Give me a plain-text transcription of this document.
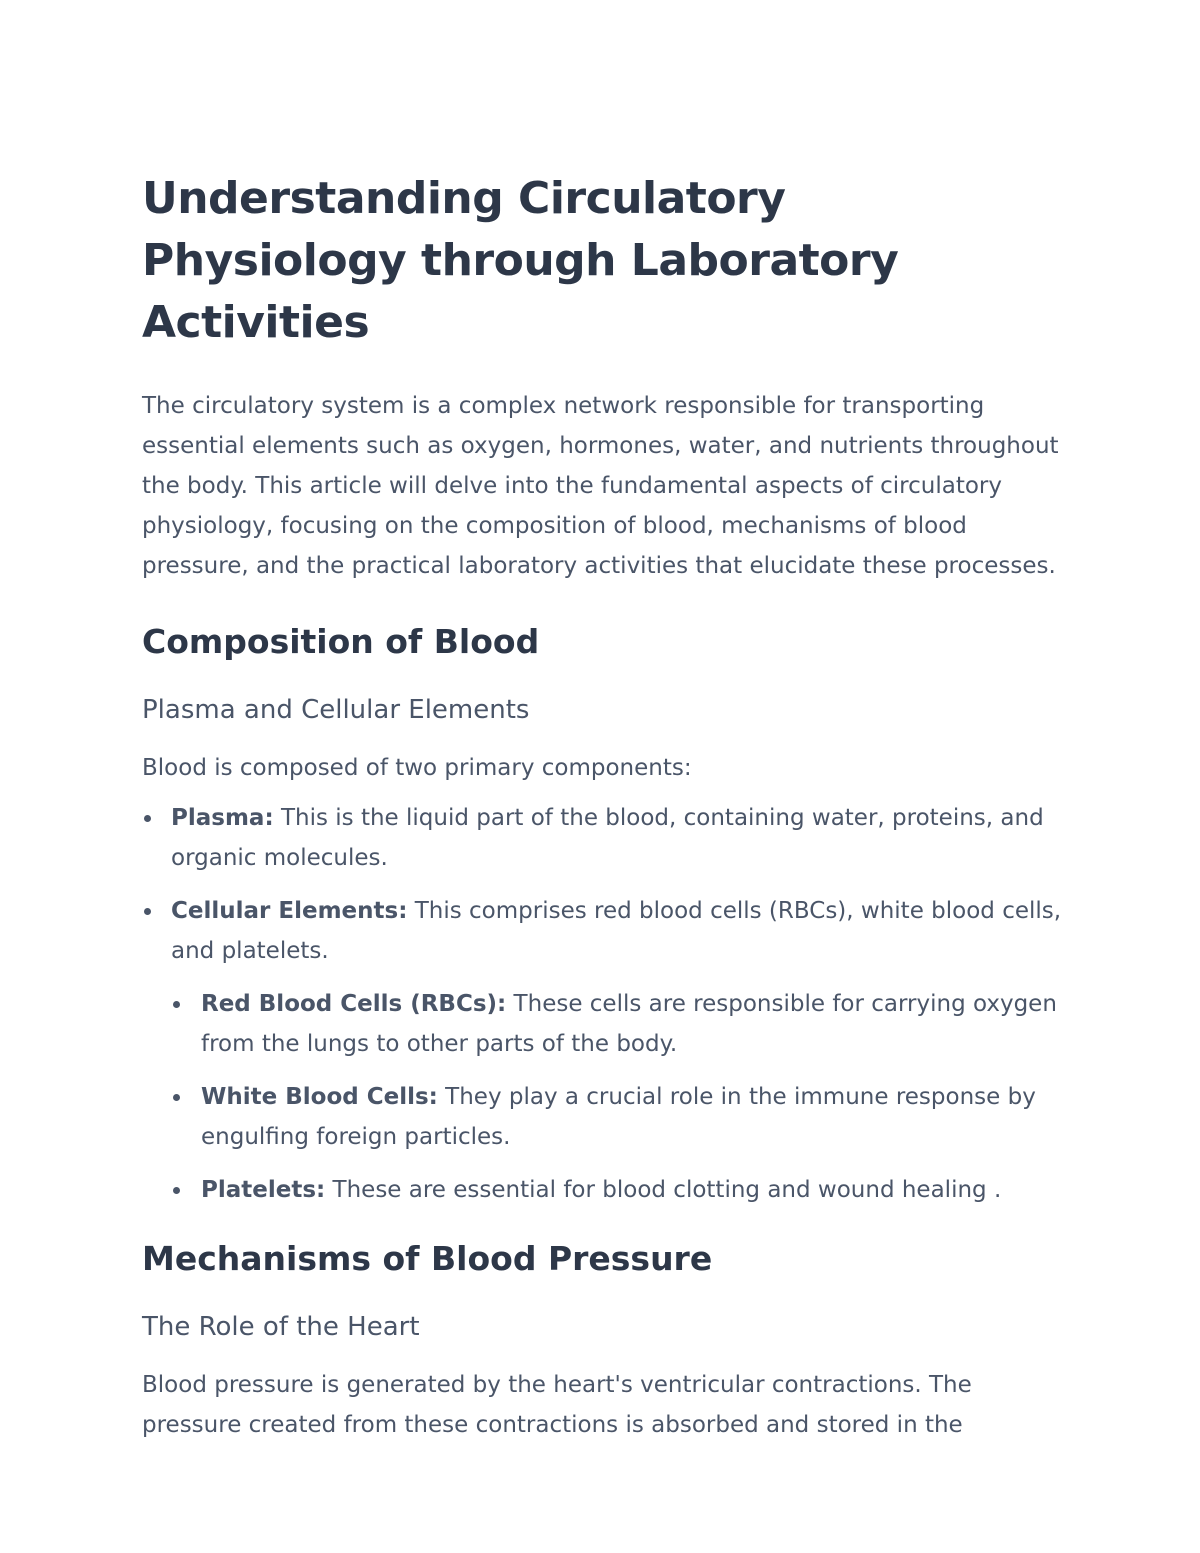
Understanding Circulatory Physiology through Laboratory Activities

The circulatory system is a complex network responsible for transporting essential elements such as oxygen, hormones, water, and nutrients throughout the body. This article will delve into the fundamental aspects of circulatory physiology, focusing on the composition of blood, mechanisms of blood pressure, and the practical laboratory activities that elucidate these processes.

Composition of Blood
Plasma and Cellular Elements

Blood is composed of two primary components:

Plasma: This is the liquid part of the blood, containing water, proteins, and organic molecules.
Cellular Elements: This comprises red blood cells (RBCs), white blood cells, and platelets.
Red Blood Cells (RBCs): These cells are responsible for carrying oxygen from the lungs to other parts of the body.
White Blood Cells: They play a crucial role in the immune response by engulfing foreign particles.
Platelets: These are essential for blood clotting and wound healing .
Mechanisms of Blood Pressure
The Role of the Heart

Blood pressure is generated by the heart's ventricular contractions. The pressure created from these contractions is absorbed and stored in the
